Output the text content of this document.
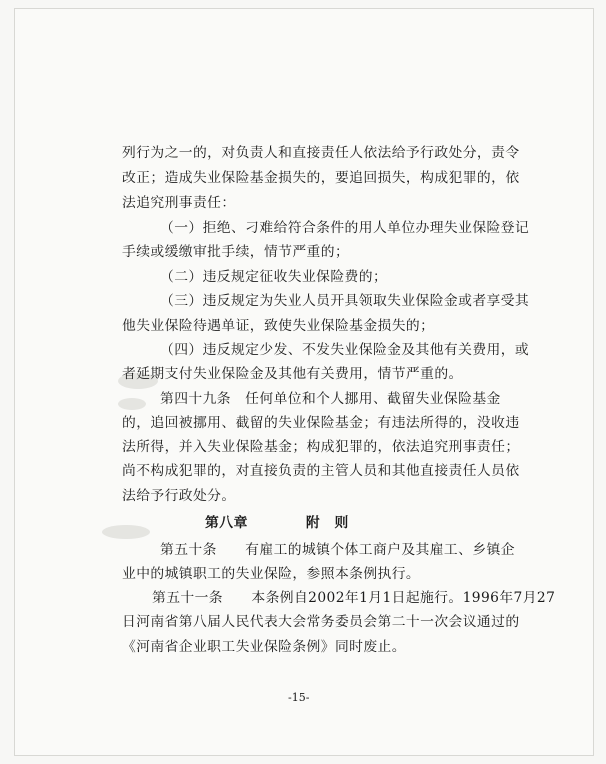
列行为之一的，对负责人和直接责任人依法给予行政处分，责令
改正；造成失业保险基金损失的，要追回损失，构成犯罪的，依
法追究刑事责任：
（一）拒绝、刁难给符合条件的用人单位办理失业保险登记
手续或缓缴审批手续，情节严重的；
（二）违反规定征收失业保险费的；
（三）违反规定为失业人员开具领取失业保险金或者享受其
他失业保险待遇单证，致使失业保险基金损失的；
（四）违反规定少发、不发失业保险金及其他有关费用，或
者延期支付失业保险金及其他有关费用，情节严重的。
第四十九条　任何单位和个人挪用、截留失业保险基金
的，追回被挪用、截留的失业保险基金；有违法所得的，没收违
法所得，并入失业保险基金；构成犯罪的，依法追究刑事责任；
尚不构成犯罪的，对直接负责的主管人员和其他直接责任人员依
法给予行政处分。
第八章	附　则
第五十条　　有雇工的城镇个体工商户及其雇工、乡镇企
业中的城镇职工的失业保险，参照本条例执行。
第五十一条　　本条例自2002年1月1日起施行。1996年7月27
日河南省第八届人民代表大会常务委员会第二十一次会议通过的
《河南省企业职工失业保险条例》同时废止。
-15-
